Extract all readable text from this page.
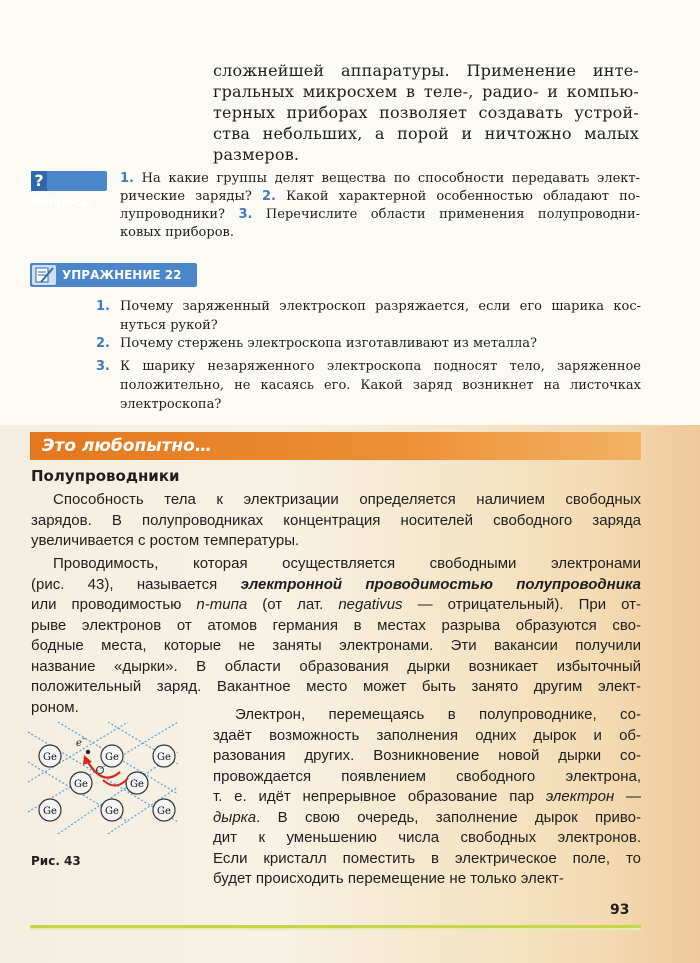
сложнейшей аппаратуры. Применение инте-
гральных микросхем в теле-, радио- и компью-
терных приборах позволяет создавать устрой-
ства небольших, а порой и ничтожно малых
размеров.
?Вопросы
1. На какие группы делят вещества по способности передавать элект-
рические заряды? 2. Какой характерной особенностью обладают по-
лупроводники? 3. Перечислите области применения полупроводни-
ковых приборов.
УПРАЖНЕНИЕ 22
1. Почему заряженный электроскоп разряжается, если его шарика кос-
нуться рукой?
2. Почему стержень электроскопа изготавливают из металла?
3. К шарику незаряженного электроскопа подносят тело, заряженное
положительно, не касаясь его. Какой заряд возникнет на листочках
электроскопа?
Это любопытно…
Полупроводники
Способность тела к электризации определяется наличием свободных
зарядов. В полупроводниках концентрация носителей свободного заряда
увеличивается с ростом температуры.
Проводимость, которая осуществляется свободными электронами
(рис. 43), называется электронной проводимостью полупроводника
или проводимостью n-типа (от лат. negativus — отрицательный). При от-
рыве электронов от атомов германия в местах разрыва образуются сво-
бодные места, которые не заняты электронами. Эти вакансии получили
название «дырки». В области образования дырки возникает избыточный
положительный заряд. Вакантное место может быть занято другим элект-
роном.	Электрон, перемещаясь в полупроводнике, со-
здаёт возможность заполнения одних дырок и об-
разования других. Возникновение новой дырки со-
провождается появлением свободного электрона,
т. е. идёт непрерывное образование пар электрон —
дырка. В свою очередь, заполнение дырок приво-
дит к уменьшению числа свободных электронов.
Если кристалл поместить в электрическое поле, то
будет происходить перемещение не только элект-
Ge	Ge	Ge
Ge	Ge
Ge	Ge	Ge
e –
Рис. 43
93
